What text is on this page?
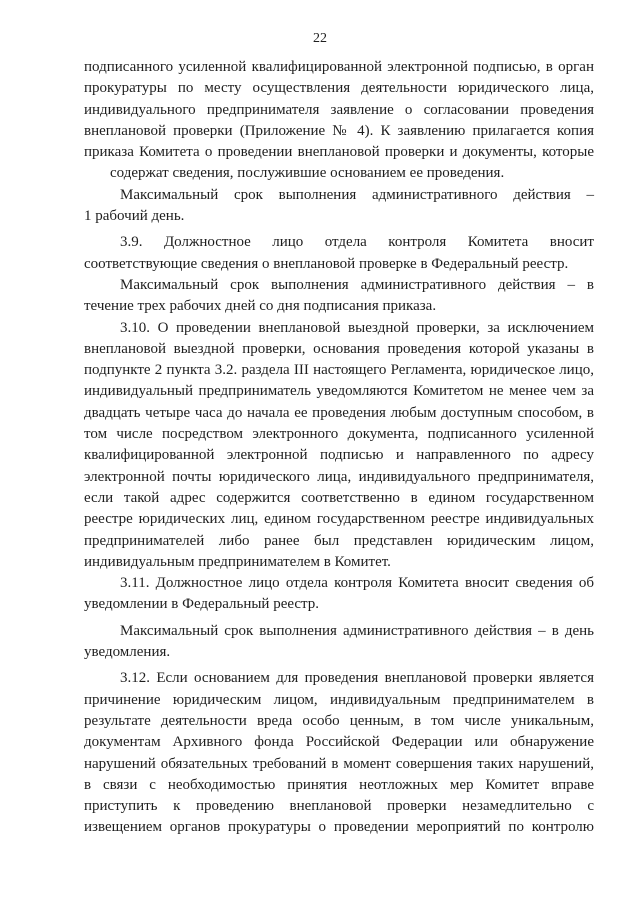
22
подписанного усиленной квалифицированной электронной подписью, в орган
прокуратуры по месту осуществления деятельности юридического лица,
индивидуального предпринимателя заявление о согласовании проведения
внеплановой проверки (Приложение № 4). К заявлению прилагается копия
приказа Комитета о проведении внеплановой проверки и документы, которые
содержат сведения, послужившие основанием ее проведения.
Максимальный срок выполнения административного действия –
1 рабочий день.
3.9. Должностное лицо отдела контроля Комитета вносит
соответствующие сведения о внеплановой проверке в Федеральный реестр.
Максимальный срок выполнения административного действия – в
течение трех рабочих дней со дня подписания приказа.
3.10. О проведении внеплановой выездной проверки, за исключением
внеплановой выездной проверки, основания проведения которой указаны в
подпункте 2 пункта 3.2. раздела III настоящего Регламента, юридическое лицо,
индивидуальный предприниматель уведомляются Комитетом не менее чем за
двадцать четыре часа до начала ее проведения любым доступным способом, в
том числе посредством электронного документа, подписанного усиленной
квалифицированной электронной подписью и направленного по адресу
электронной почты юридического лица, индивидуального предпринимателя,
если такой адрес содержится соответственно в едином государственном
реестре юридических лиц, едином государственном реестре индивидуальных
предпринимателей либо ранее был представлен юридическим лицом,
индивидуальным предпринимателем в Комитет.
3.11. Должностное лицо отдела контроля Комитета вносит сведения об
уведомлении в Федеральный реестр.
Максимальный срок выполнения административного действия – в день
уведомления.
3.12. Если основанием для проведения внеплановой проверки является
причинение юридическим лицом, индивидуальным предпринимателем в
результате деятельности вреда особо ценным, в том числе уникальным,
документам Архивного фонда Российской Федерации или обнаружение
нарушений обязательных требований в момент совершения таких нарушений,
в связи с необходимостью принятия неотложных мер Комитет вправе
приступить к проведению внеплановой проверки незамедлительно с
извещением органов прокуратуры о проведении мероприятий по контролю
